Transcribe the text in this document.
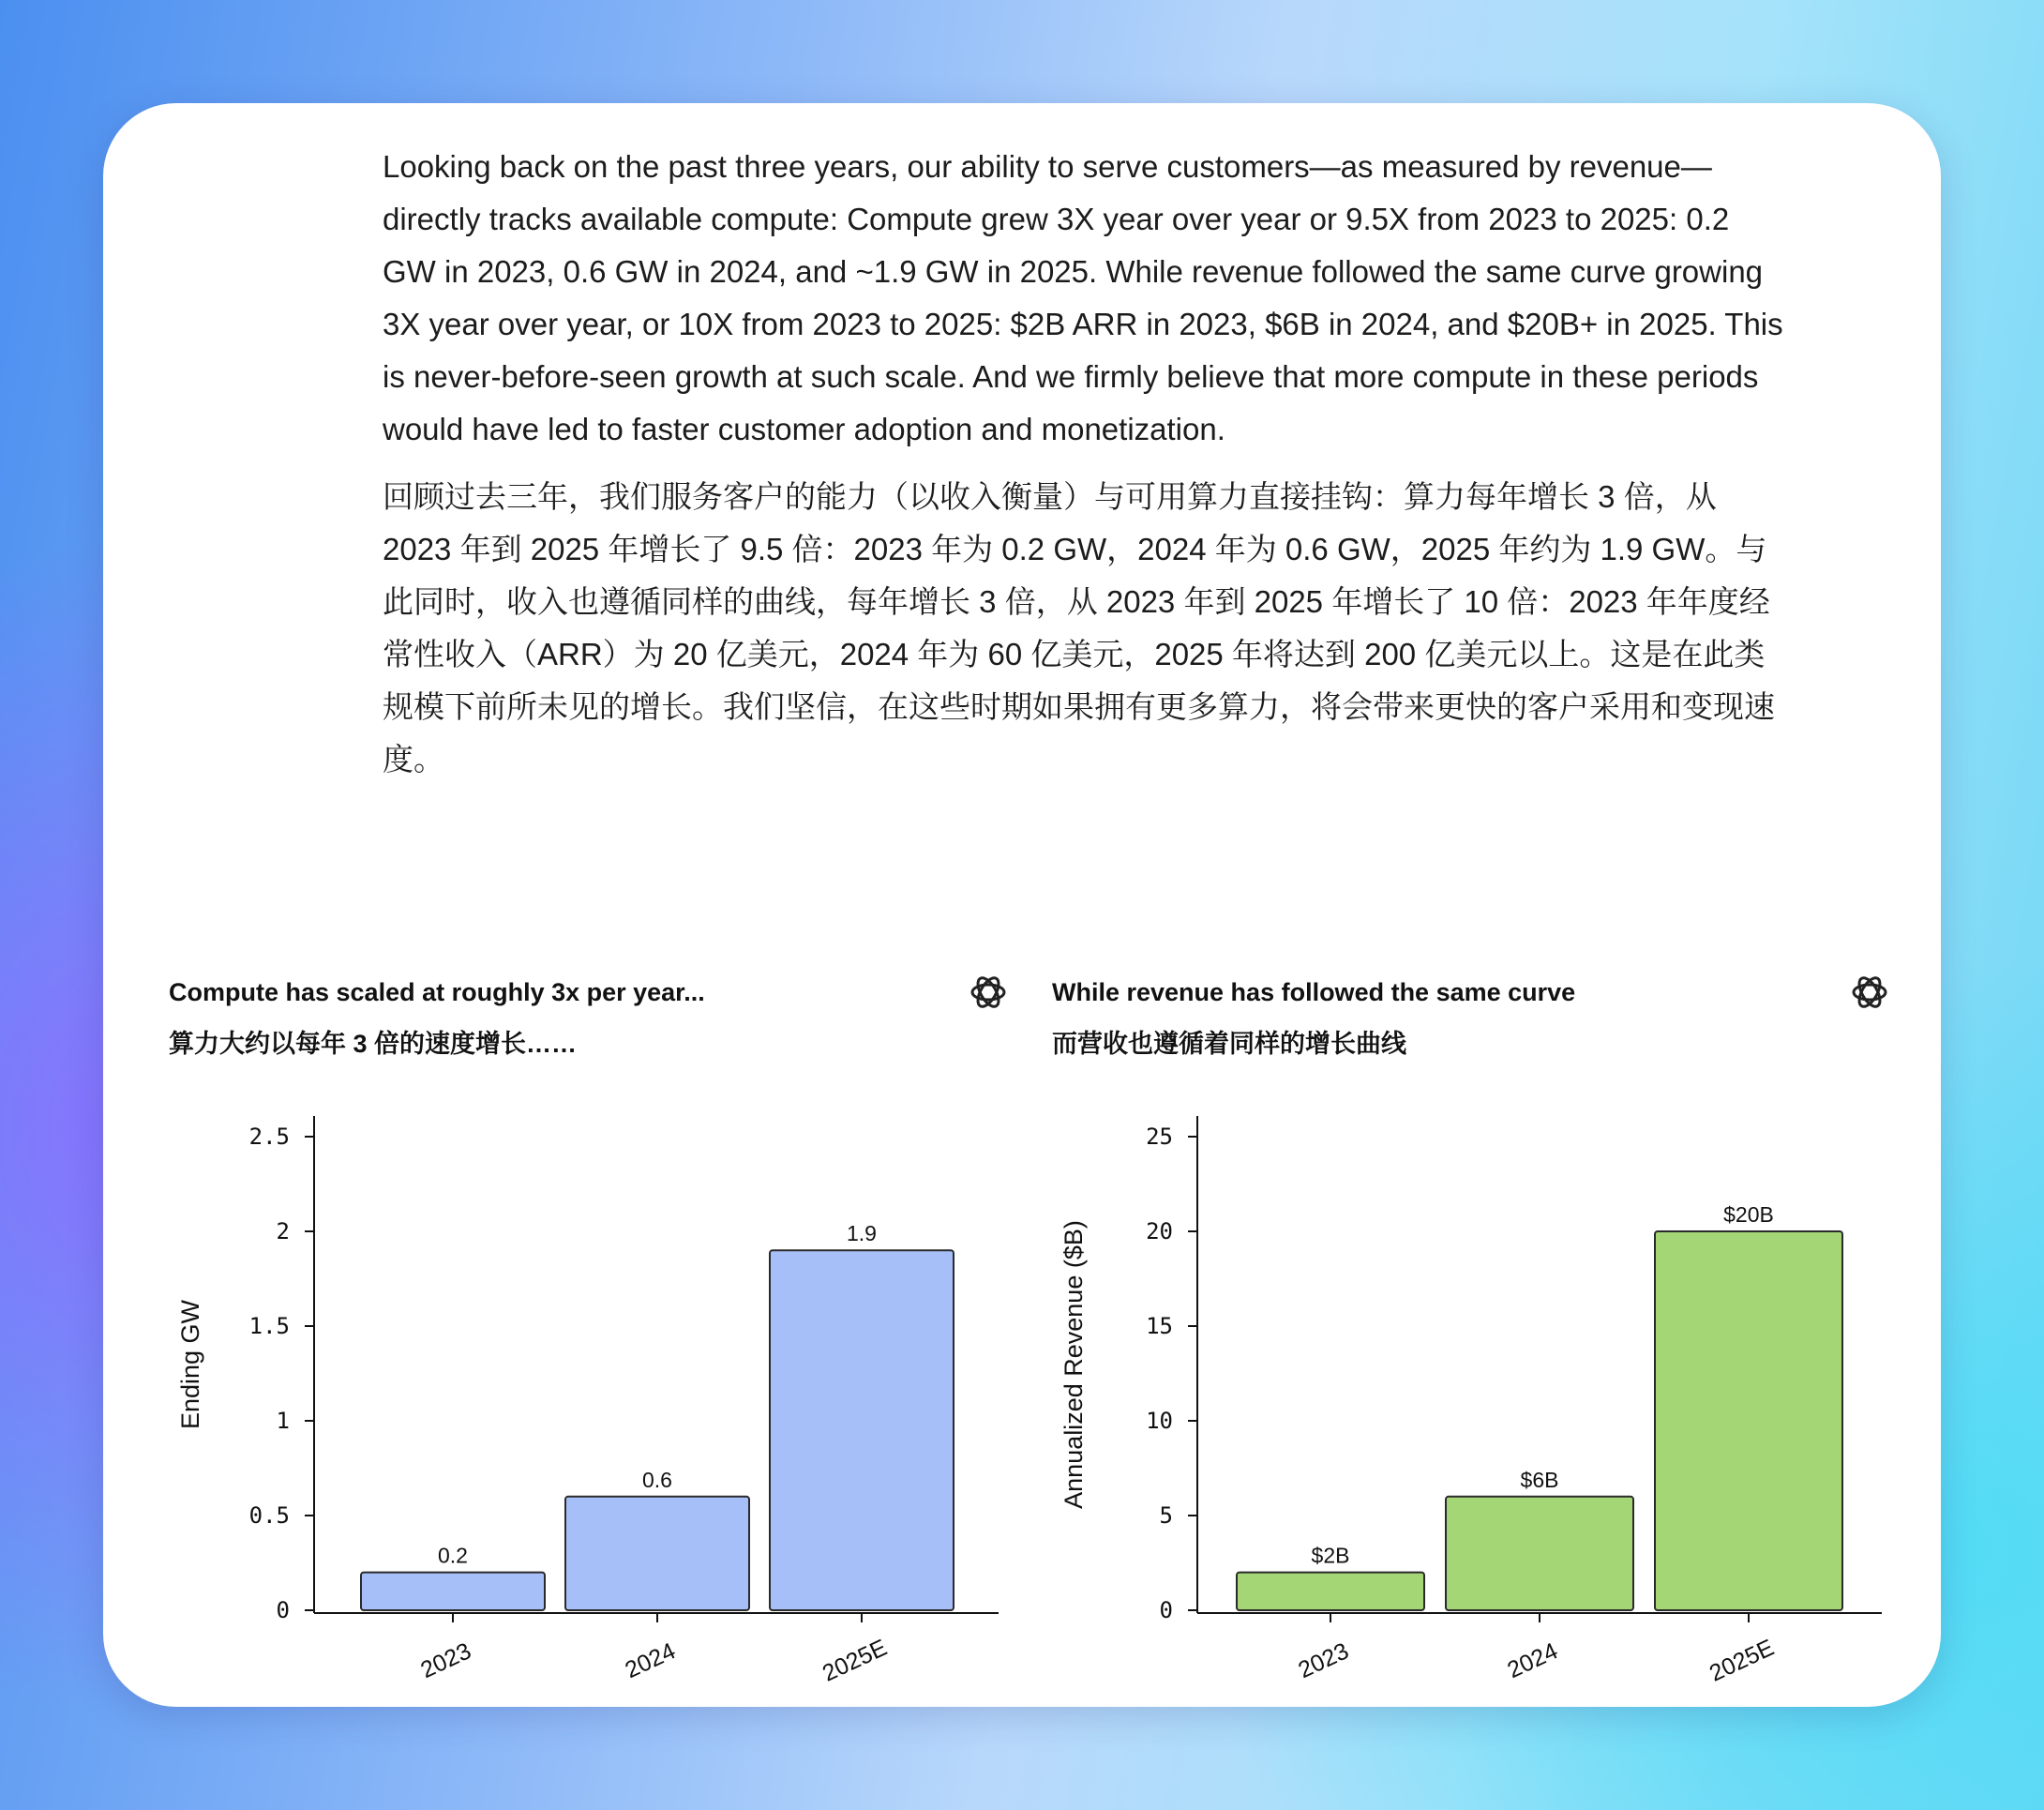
Looking back on the past three years, our ability to serve customers—as measured by revenue—directly tracks available compute: Compute grew 3X year over year or 9.5X from 2023 to 2025: 0.2 GW in 2023, 0.6 GW in 2024, and ~1.9 GW in 2025. While revenue followed the same curve growing 3X year over year, or 10X from 2023 to 2025: $2B ARR in 2023, $6B in 2024, and $20B+ in 2025. This is never-before-seen growth at such scale. And we firmly believe that more compute in these periods would have led to faster customer adoption and monetization.

回顾过去三年，我们服务客户的能力（以收入衡量）与可用算力直接挂钩：算力每年增长 3 倍，从 2023 年到 2025 年增长了 9.5 倍：2023 年为 0.2 GW，2024 年为 0.6 GW，2025 年约为 1.9 GW。与此同时，收入也遵循同样的曲线，每年增长 3 倍，从 2023 年到 2025 年增长了 10 倍：2023 年年度经常性收入（ARR）为 20 亿美元，2024 年为 60 亿美元，2025 年将达到 200 亿美元以上。这是在此类规模下前所未见的增长。我们坚信，在这些时期如果拥有更多算力，将会带来更快的客户采用和变现速度。

Compute has scaled at roughly 3x per year...
算力大约以每年 3 倍的速度增长……
While revenue has followed the same curve
而营收也遵循着同样的增长曲线
Ending GW
0
0.5
1
1.5
2
2.5
0.2
2023
0.6
2024
1.9
2025E
Annualized Revenue ($B)
0
5
10
15
20
25
$2B
2023
$6B
2024
$20B
2025E
